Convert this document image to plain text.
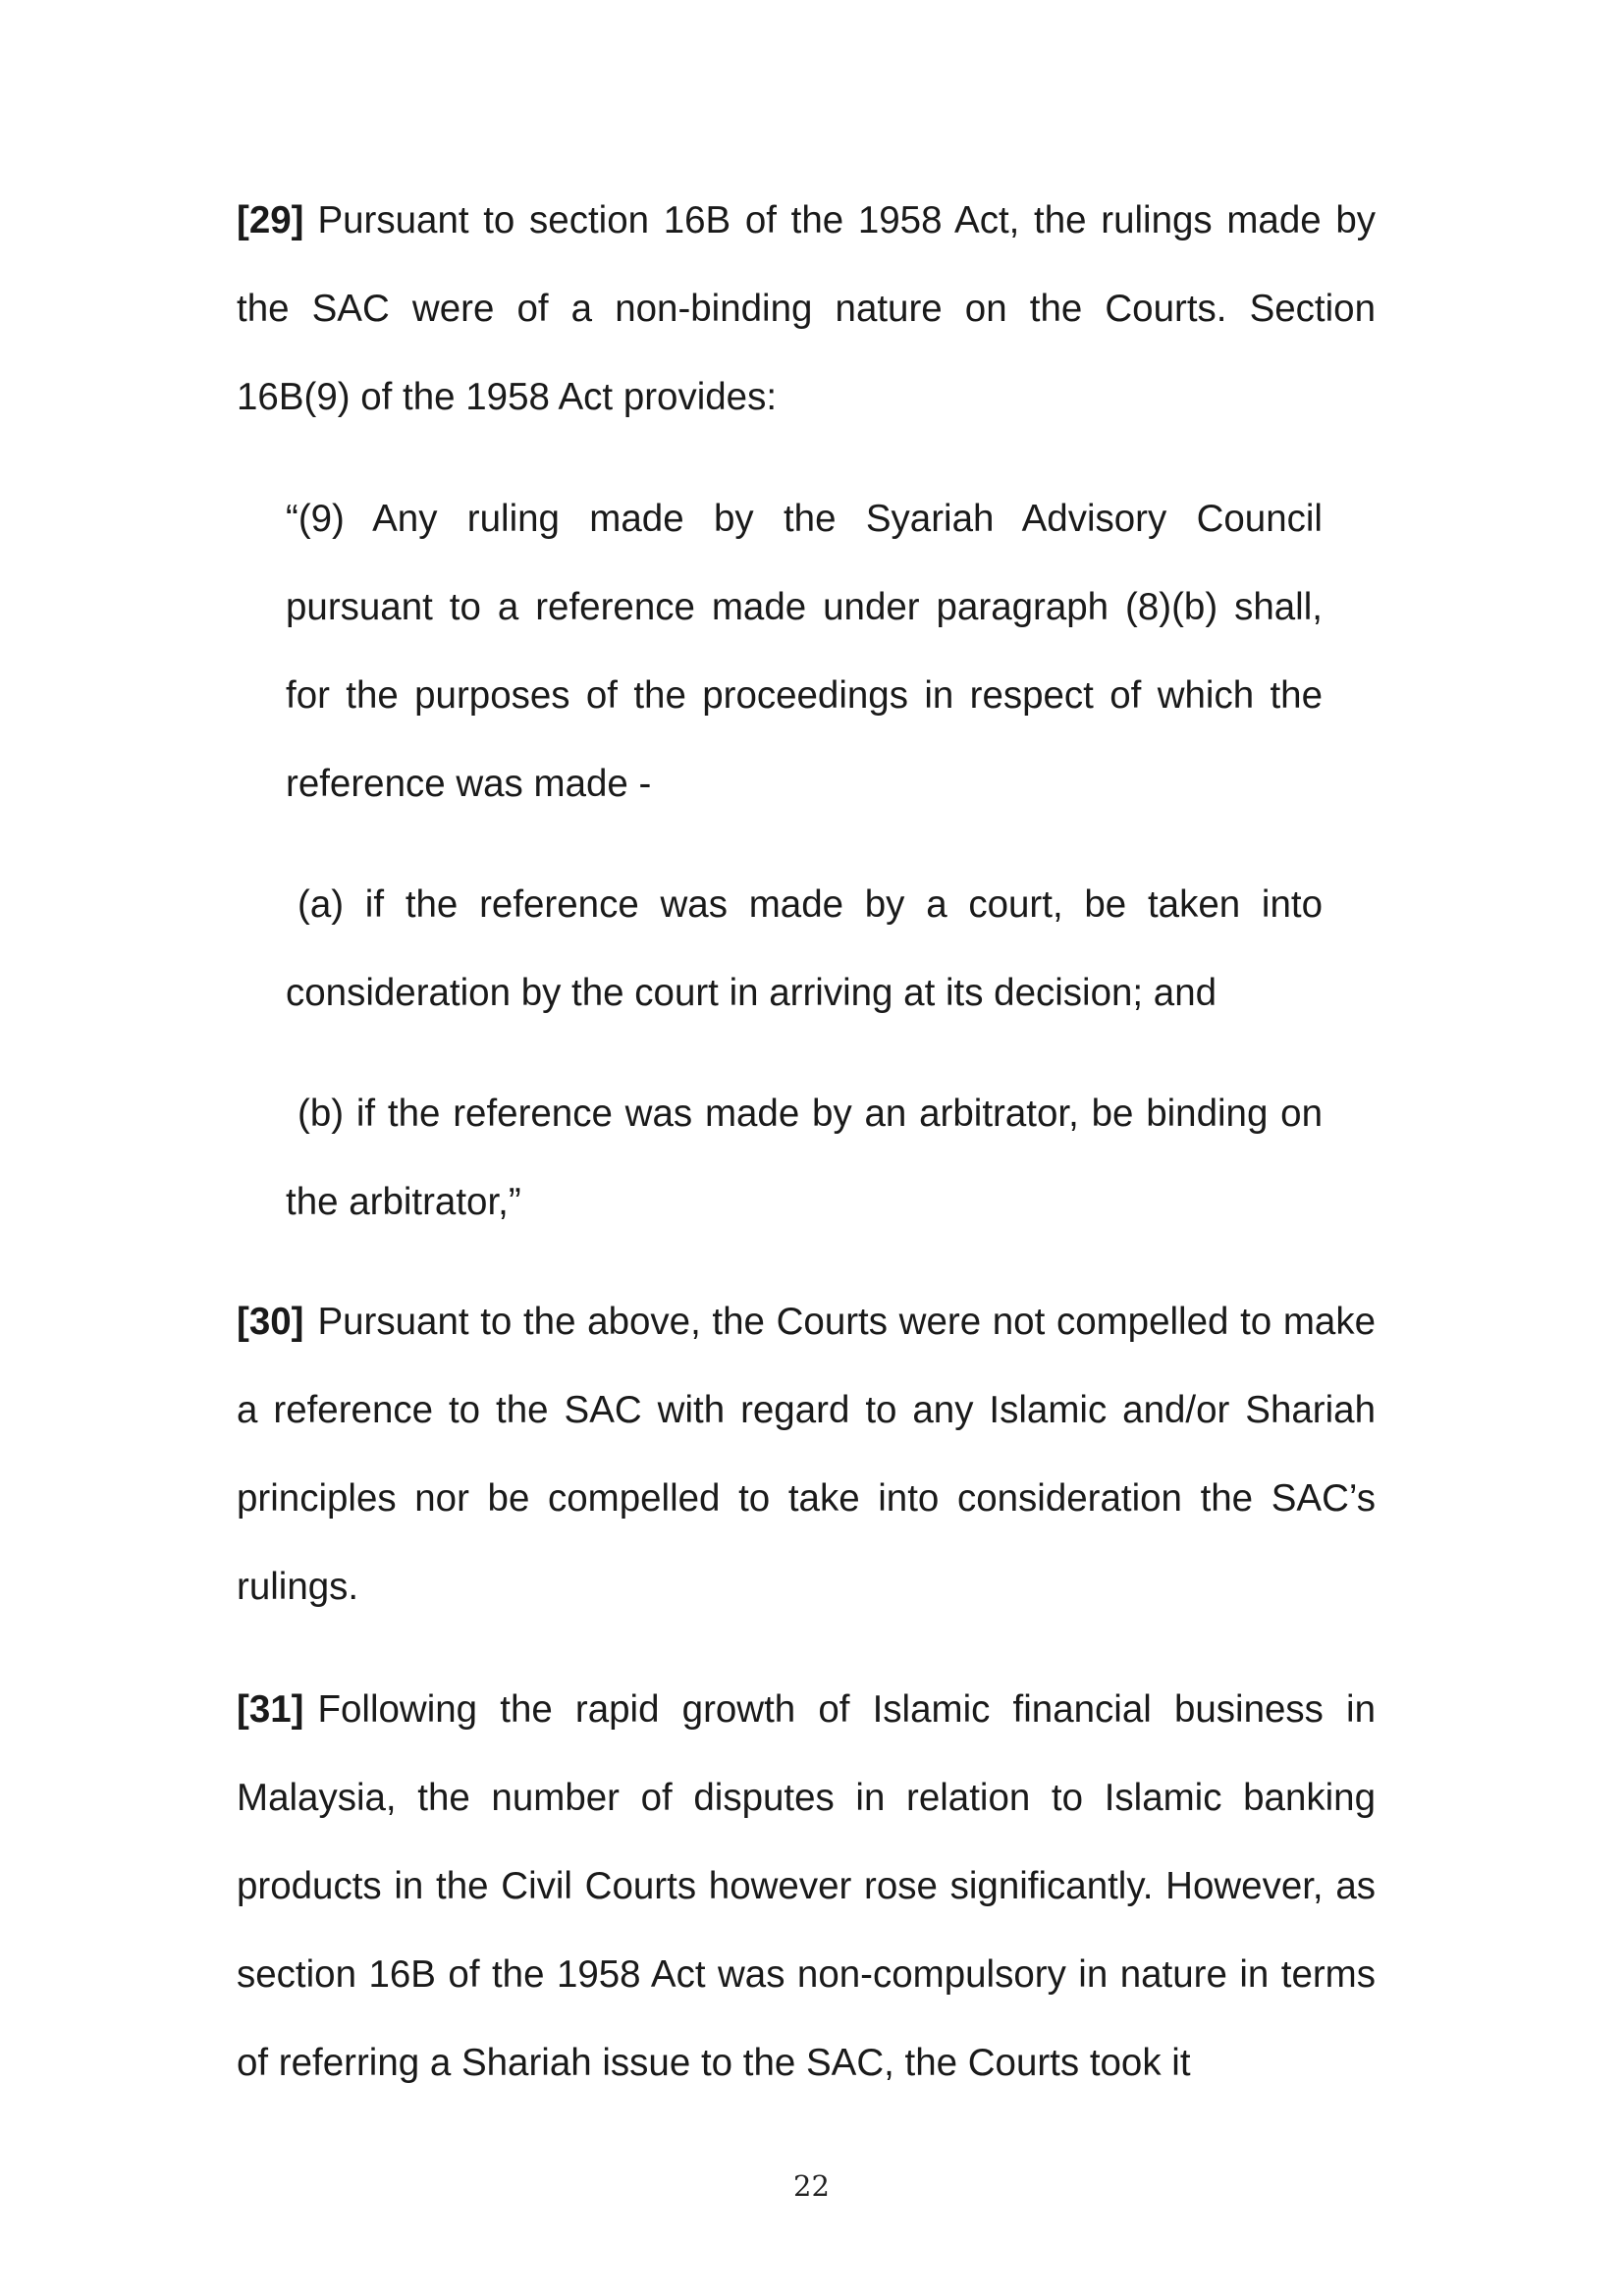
[29] Pursuant to section 16B of the 1958 Act, the rulings made by the SAC were of a non-binding nature on the Courts. Section 16B(9) of the 1958 Act provides:

“(9) Any ruling made by the Syariah Advisory Council pursuant to a reference made under paragraph (8)(b) shall, for the purposes of the proceedings in respect of which the reference was made -

(a) if the reference was made by a court, be taken into consideration by the court in arriving at its decision; and

(b) if the reference was made by an arbitrator, be binding on the arbitrator,”

[30] Pursuant to the above, the Courts were not compelled to make a reference to the SAC with regard to any Islamic and/or Shariah principles nor be compelled to take into consideration the SAC’s rulings.

[31] Following the rapid growth of Islamic financial business in Malaysia, the number of disputes in relation to Islamic banking products in the Civil Courts however rose significantly. However, as section 16B of the 1958 Act was non-compulsory in nature in terms of referring a Shariah issue to the SAC, the Courts took it

22
